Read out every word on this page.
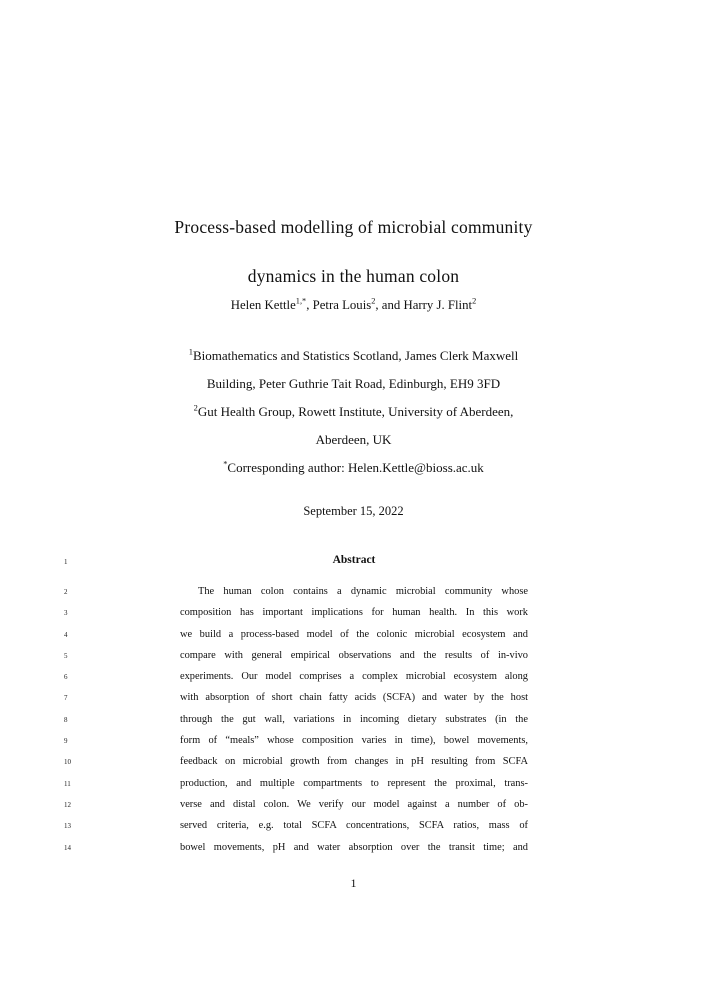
Process-based modelling of microbial community
dynamics in the human colon
Helen Kettle$^{1,*}$, Petra Louis$^2$, and Harry J. Flint$^2$
$^1$Biomathematics and Statistics Scotland, James Clerk Maxwell
Building, Peter Guthrie Tait Road, Edinburgh, EH9 3FD
$^2$Gut Health Group, Rowett Institute, University of Aberdeen,
Aberdeen, UK
*Corresponding author: Helen.Kettle@bioss.ac.uk
September 15, 2022
1	Abstract
2	The human colon contains a dynamic microbial community whose
3	composition has important implications for human health. In this work
4	we build a process-based model of the colonic microbial ecosystem and
5	compare with general empirical observations and the results of in-vivo
6	experiments. Our model comprises a complex microbial ecosystem along
7	with absorption of short chain fatty acids (SCFA) and water by the host
8	through the gut wall, variations in incoming dietary substrates (in the
9	form of “meals” whose composition varies in time), bowel movements,
10	feedback on microbial growth from changes in pH resulting from SCFA
11	production, and multiple compartments to represent the proximal, trans-
12	verse and distal colon. We verify our model against a number of ob-
13	served criteria, e.g. total SCFA concentrations, SCFA ratios, mass of
14	bowel movements, pH and water absorption over the transit time; and
1
